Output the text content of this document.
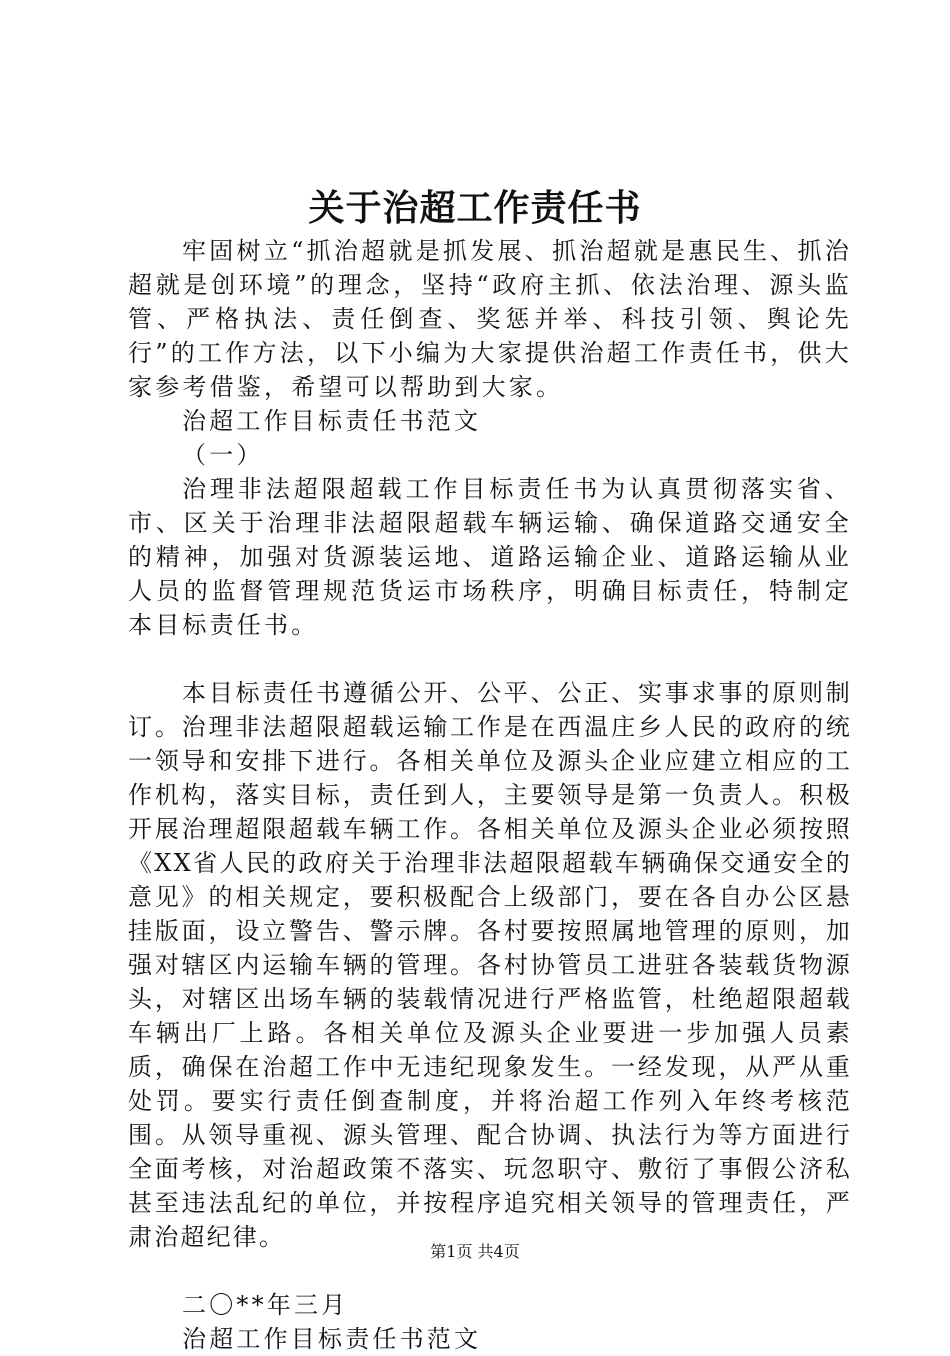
关于治超工作责任书

牢固树立“抓治超就是抓发展、抓治超就是惠民生、抓治超就是创环境”的理念，坚持“政府主抓、依法治理、源头监管、严格执法、责任倒查、奖惩并举、科技引领、舆论先行”的工作方法，以下小编为大家提供治超工作责任书，供大家参考借鉴，希望可以帮助到大家。

治超工作目标责任书范文

（一）

治理非法超限超载工作目标责任书为认真贯彻落实省、市、区关于治理非法超限超载车辆运输、确保道路交通安全的精神，加强对货源装运地、道路运输企业、道路运输从业人员的监督管理规范货运市场秩序，明确目标责任，特制定本目标责任书。

本目标责任书遵循公开、公平、公正、实事求事的原则制订。治理非法超限超载运输工作是在西温庄乡人民的政府的统一领导和安排下进行。各相关单位及源头企业应建立相应的工作机构，落实目标，责任到人，主要领导是第一负责人。积极开展治理超限超载车辆工作。各相关单位及源头企业必须按照《XX省人民的政府关于治理非法超限超载车辆确保交通安全的意见》的相关规定，要积极配合上级部门，要在各自办公区悬挂版面，设立警告、警示牌。各村要按照属地管理的原则，加强对辖区内运输车辆的管理。各村协管员工进驻各装载货物源头，对辖区出场车辆的装载情况进行严格监管，杜绝超限超载车辆出厂上路。各相关单位及源头企业要进一步加强人员素质，确保在治超工作中无违纪现象发生。一经发现，从严从重处罚。要实行责任倒查制度，并将治超工作列入年终考核范围。从领导重视、源头管理、配合协调、执法行为等方面进行全面考核，对治超政策不落实、玩忽职守、敷衍了事假公济私甚至违法乱纪的单位，并按程序追究相关领导的管理责任，严肃治超纪律。

二〇**年三月

治超工作目标责任书范文

第1页 共4页
